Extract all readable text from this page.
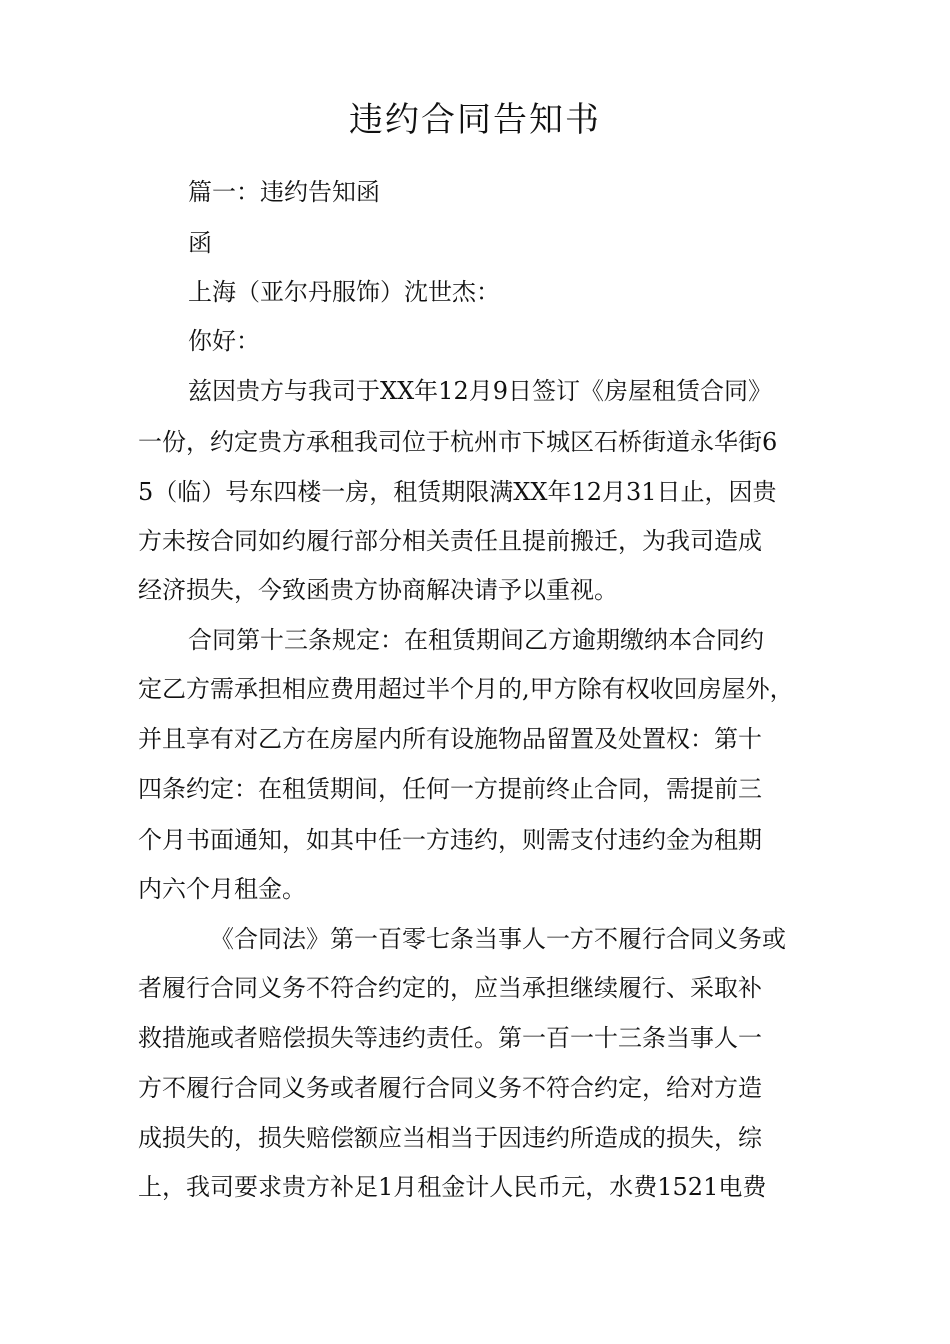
违约合同告知书
篇一：违约告知函
函
上海（亚尔丹服饰）沈世杰：
你好：
兹因贵方与我司于XX年12月9日签订《房屋租赁合同》
一份，约定贵方承租我司位于杭州市下城区石桥街道永华街6
5（临）号东四楼一房，租赁期限满XX年12月31日止，因贵
方未按合同如约履行部分相关责任且提前搬迁，为我司造成
经济损失，今致函贵方协商解决请予以重视。
合同第十三条规定：在租赁期间乙方逾期缴纳本合同约
定乙方需承担相应费用超过半个月的,甲方除有权收回房屋外，
并且享有对乙方在房屋内所有设施物品留置及处置权：第十
四条约定：在租赁期间，任何一方提前终止合同，需提前三
个月书面通知，如其中任一方违约，则需支付违约金为租期
内六个月租金。
《合同法》第一百零七条当事人一方不履行合同义务或
者履行合同义务不符合约定的，应当承担继续履行、采取补
救措施或者赔偿损失等违约责任。第一百一十三条当事人一
方不履行合同义务或者履行合同义务不符合约定，给对方造
成损失的，损失赔偿额应当相当于因违约所造成的损失，综
上，我司要求贵方补足1月租金计人民币元，水费1521电费
